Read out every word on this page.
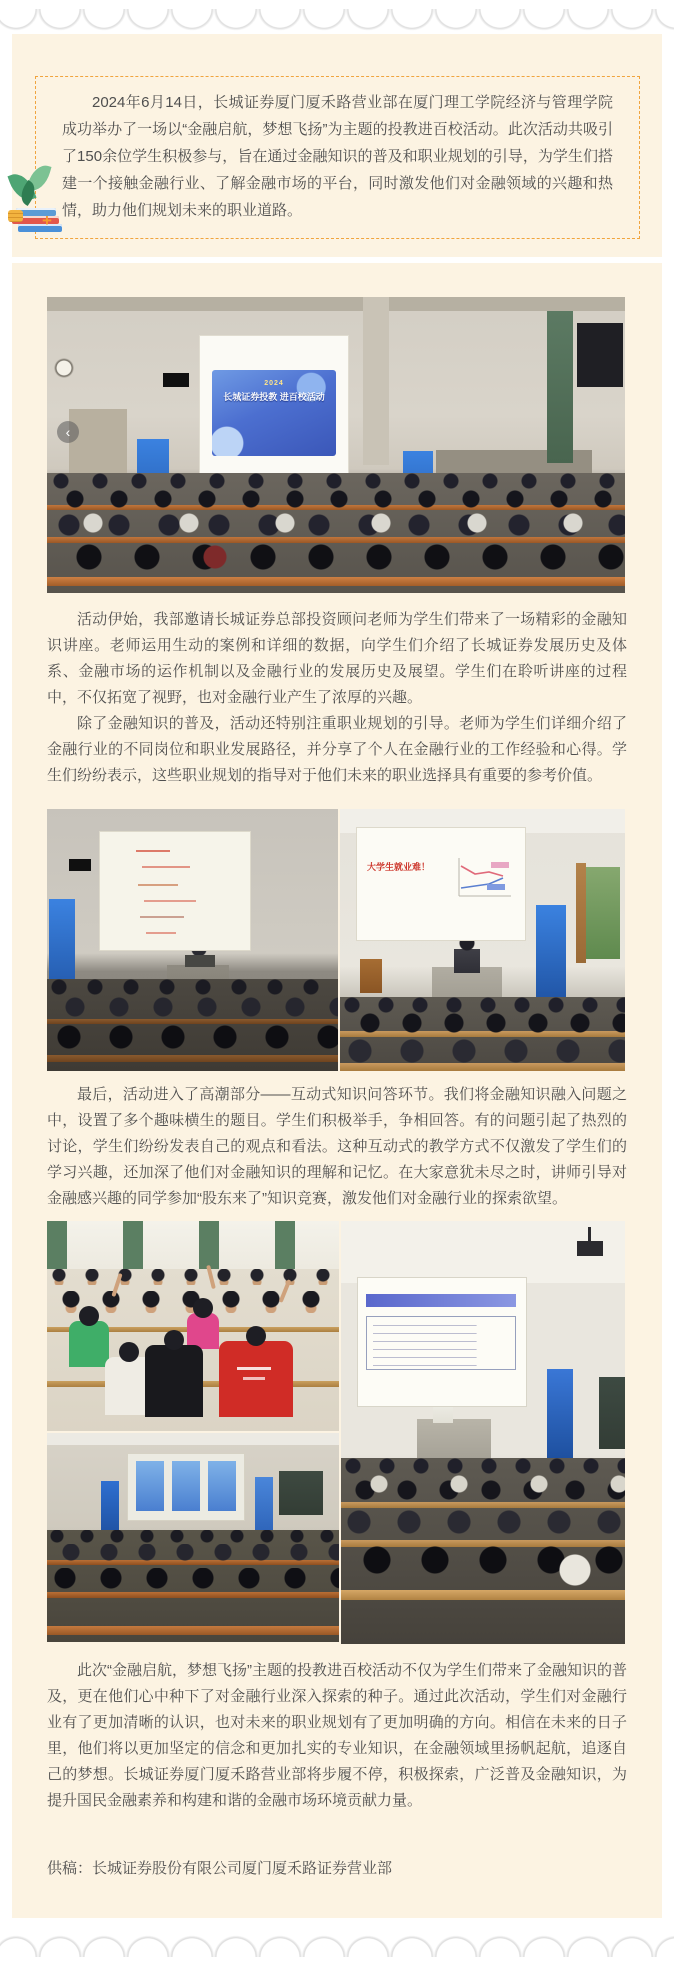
2024年6月14日，长城证券厦门厦禾路营业部在厦门理工学院经济与管理学院成功举办了一场以“金融启航，梦想飞扬”为主题的投教进百校活动。此次活动共吸引了150余位学生积极参与，旨在通过金融知识的普及和职业规划的引导，为学生们搭建一个接触金融行业、了解金融市场的平台，同时激发他们对金融领域的兴趣和热情，助力他们规划未来的职业道路。

+
2024
长城证券投教 进百校活动
‹

活动伊始，我部邀请长城证券总部投资顾问老师为学生们带来了一场精彩的金融知识讲座。老师运用生动的案例和详细的数据，向学生们介绍了长城证券发展历史及体系、金融市场的运作机制以及金融行业的发展历史及展望。学生们在聆听讲座的过程中，不仅拓宽了视野，也对金融行业产生了浓厚的兴趣。

除了金融知识的普及，活动还特别注重职业规划的引导。老师为学生们详细介绍了金融行业的不同岗位和职业发展路径，并分享了个人在金融行业的工作经验和心得。学生们纷纷表示，这些职业规划的指导对于他们未来的职业选择具有重要的参考价值。

大学生就业难！

最后，活动进入了高潮部分——互动式知识问答环节。我们将金融知识融入问题之中，设置了多个趣味横生的题目。学生们积极举手，争相回答。有的问题引起了热烈的讨论，学生们纷纷发表自己的观点和看法。这种互动式的教学方式不仅激发了学生们的学习兴趣，还加深了他们对金融知识的理解和记忆。在大家意犹未尽之时，讲师引导对金融感兴趣的同学参加“股东来了”知识竞赛，激发他们对金融行业的探索欲望。

此次“金融启航，梦想飞扬”主题的投教进百校活动不仅为学生们带来了金融知识的普及，更在他们心中种下了对金融行业深入探索的种子。通过此次活动，学生们对金融行业有了更加清晰的认识，也对未来的职业规划有了更加明确的方向。相信在未来的日子里，他们将以更加坚定的信念和更加扎实的专业知识，在金融领域里扬帆起航，追逐自己的梦想。长城证券厦门厦禾路营业部将步履不停，积极探索，广泛普及金融知识，为提升国民金融素养和构建和谐的金融市场环境贡献力量。

供稿：长城证券股份有限公司厦门厦禾路证券营业部
